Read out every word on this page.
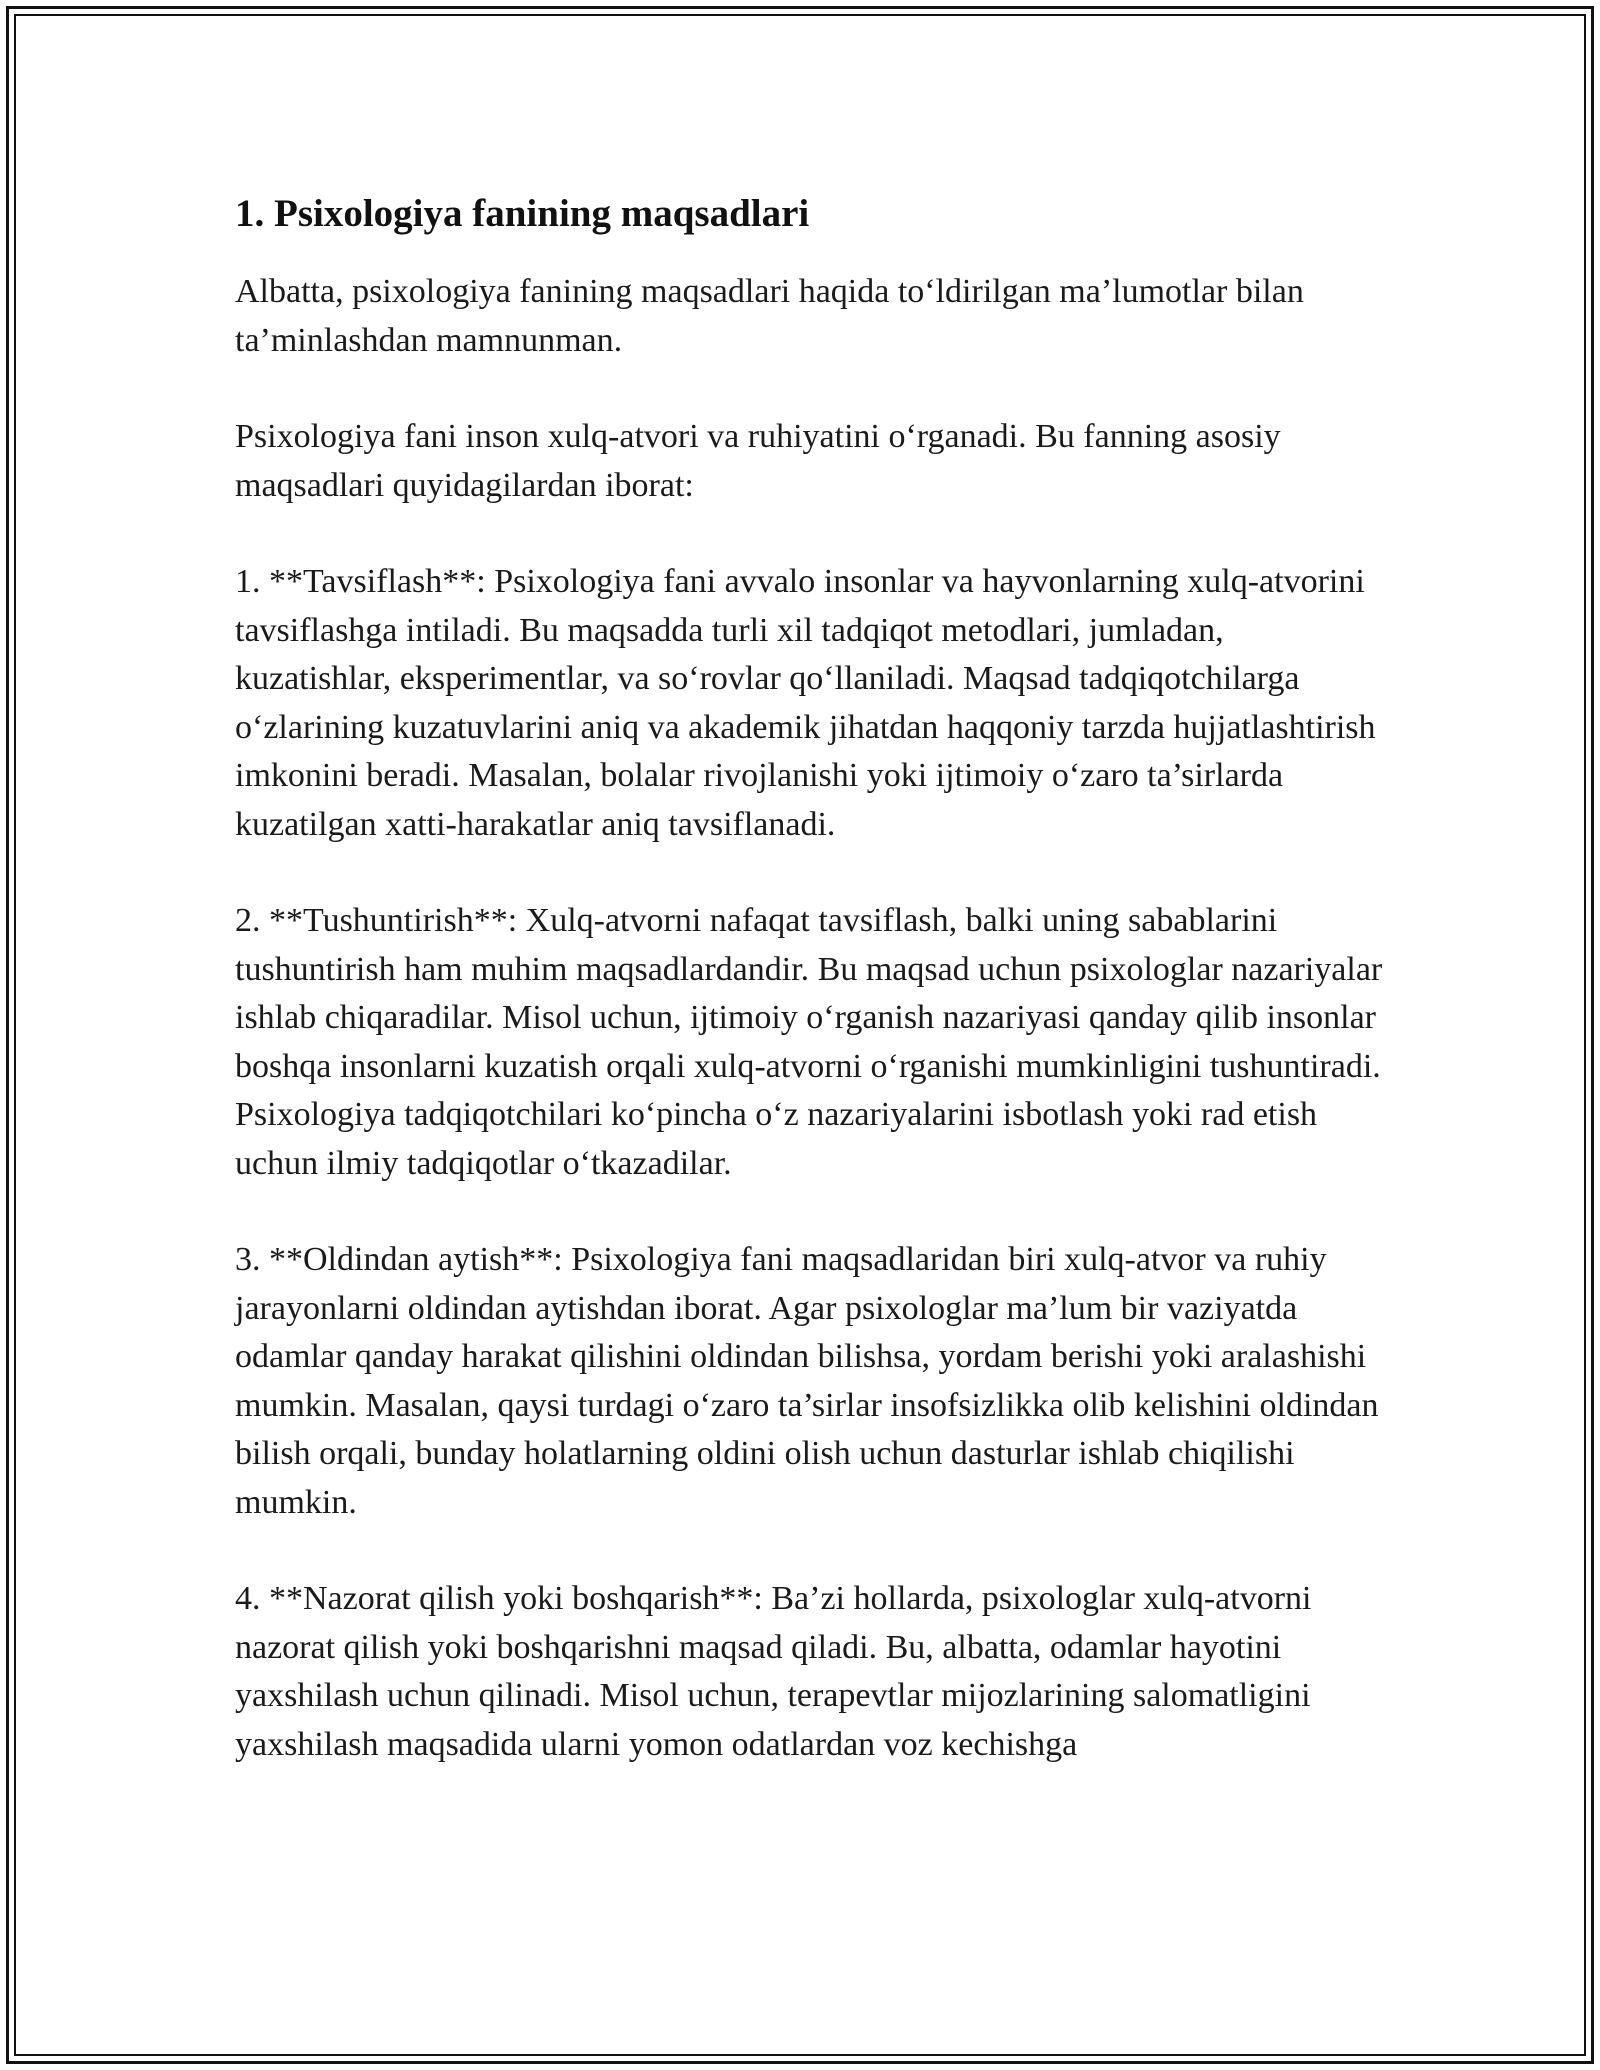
1. Psixologiya fanining maqsadlari

Albatta, psixologiya fanining maqsadlari haqida to‘ldirilgan ma’lumotlar bilan ta’minlashdan mamnunman.

Psixologiya fani inson xulq-atvori va ruhiyatini o‘rganadi. Bu fanning asosiy maqsadlari quyidagilardan iborat:

1. **Tavsiflash**: Psixologiya fani avvalo insonlar va hayvonlarning xulq-atvorini tavsiflashga intiladi. Bu maqsadda turli xil tadqiqot metodlari, jumladan, kuzatishlar, eksperimentlar, va so‘rovlar qo‘llaniladi. Maqsad tadqiqotchilarga o‘zlarining kuzatuvlarini aniq va akademik jihatdan haqqoniy tarzda hujjatlashtirish imkonini beradi. Masalan, bolalar rivojlanishi yoki ijtimoiy o‘zaro ta’sirlarda kuzatilgan xatti-harakatlar aniq tavsiflanadi.

2. **Tushuntirish**: Xulq-atvorni nafaqat tavsiflash, balki uning sabablarini tushuntirish ham muhim maqsadlardandir. Bu maqsad uchun psixologlar nazariyalar ishlab chiqaradilar. Misol uchun, ijtimoiy o‘rganish nazariyasi qanday qilib insonlar boshqa insonlarni kuzatish orqali xulq-atvorni o‘rganishi mumkinligini tushuntiradi. Psixologiya tadqiqotchilari ko‘pincha o‘z nazariyalarini isbotlash yoki rad etish uchun ilmiy tadqiqotlar o‘tkazadilar.

3. **Oldindan aytish**: Psixologiya fani maqsadlaridan biri xulq-atvor va ruhiy jarayonlarni oldindan aytishdan iborat. Agar psixologlar ma’lum bir vaziyatda odamlar qanday harakat qilishini oldindan bilishsa, yordam berishi yoki aralashishi mumkin. Masalan, qaysi turdagi o‘zaro ta’sirlar insofsizlikka olib kelishini oldindan bilish orqali, bunday holatlarning oldini olish uchun dasturlar ishlab chiqilishi mumkin.

4. **Nazorat qilish yoki boshqarish**: Ba’zi hollarda, psixologlar xulq-atvorni nazorat qilish yoki boshqarishni maqsad qiladi. Bu, albatta, odamlar hayotini yaxshilash uchun qilinadi. Misol uchun, terapevtlar mijozlarining salomatligini yaxshilash maqsadida ularni yomon odatlardan voz kechishga
